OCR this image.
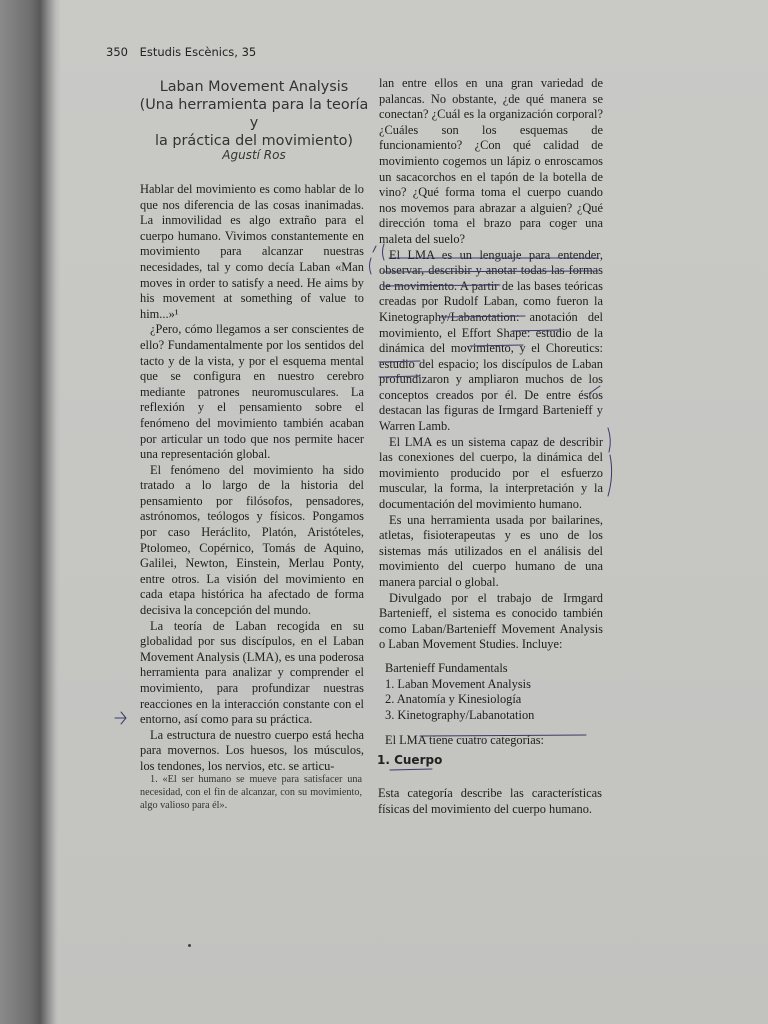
350 Estudis Escènics, 35
Laban Movement Analysis
(Una herramienta para la teoría y
la práctica del movimiento)
Agustí Ros

Hablar del movimiento es como hablar de lo que nos diferencia de las cosas inanimadas. La inmovilidad es algo extraño para el cuerpo humano. Vivimos constantemente en movimiento para alcanzar nuestras necesidades, tal y como decía Laban «Man moves in order to satisfy a need. He aims by his movement at something of value to him...»¹

¿Pero, cómo llegamos a ser conscientes de ello? Fundamentalmente por los sentidos del tacto y de la vista, y por el esquema mental que se configura en nuestro cerebro mediante patrones neuromusculares. La reflexión y el pensamiento sobre el fenómeno del movimiento también acaban por articular un todo que nos permite hacer una representación global.

El fenómeno del movimiento ha sido tratado a lo largo de la historia del pensamiento por filósofos, pensadores, astrónomos, teólogos y físicos. Pongamos por caso Heráclito, Platón, Aristóteles, Ptolomeo, Copérnico, Tomás de Aquino, Galilei, Newton, Einstein, Merlau Ponty, entre otros. La visión del movimiento en cada etapa histórica ha afectado de forma decisiva la concepción del mundo.

La teoría de Laban recogida en su globalidad por sus discípulos, en el Laban Movement Analysis (LMA), es una poderosa herramienta para analizar y comprender el movimiento, para profundizar nuestras reacciones en la interacción constante con el entorno, así como para su práctica.

La estructura de nuestro cuerpo está hecha para movernos. Los huesos, los músculos, los tendones, los nervios, etc. se articu-

1. «El ser humano se mueve para satisfacer una necesidad, con el fin de alcanzar, con su movimiento, algo valioso para él».

lan entre ellos en una gran variedad de palancas. No obstante, ¿de qué manera se conectan? ¿Cuál es la organización corporal? ¿Cuáles son los esquemas de funcionamiento? ¿Con qué calidad de movimiento cogemos un lápiz o enroscamos un sacacorchos en el tapón de la botella de vino? ¿Qué forma toma el cuerpo cuando nos movemos para abrazar a alguien? ¿Qué dirección toma el brazo para coger una maleta del suelo?

El LMA es un lenguaje para entender, observar, describir y anotar todas las formas de movimiento. A partir de las bases teóricas creadas por Rudolf Laban, como fueron la Kinetography/Labanotation: anotación del movimiento, el Effort Shape: estudio de la dinámica del movimiento, y el Choreutics: estudio del espacio; los discípulos de Laban profundizaron y ampliaron muchos de los conceptos creados por él. De entre éstos destacan las figuras de Irmgard Bartenieff y Warren Lamb.

El LMA es un sistema capaz de describir las conexiones del cuerpo, la dinámica del movimiento producido por el esfuerzo muscular, la forma, la interpretación y la documentación del movimiento humano.

Es una herramienta usada por bailarines, atletas, fisioterapeutas y es uno de los sistemas más utilizados en el análisis del movimiento del cuerpo humano de una manera parcial o global.

Divulgado por el trabajo de Irmgard Bartenieff, el sistema es conocido también como Laban/Bartenieff Movement Analysis o Laban Movement Studies. Incluye:

Bartenieff Fundamentals
1. Laban Movement Analysis
2. Anatomía y Kinesiología
3. Kinetography/Labanotation
El LMA tiene cuatro categorías:
1. Cuerpo

Esta categoría describe las características físicas del movimiento del cuerpo humano.
